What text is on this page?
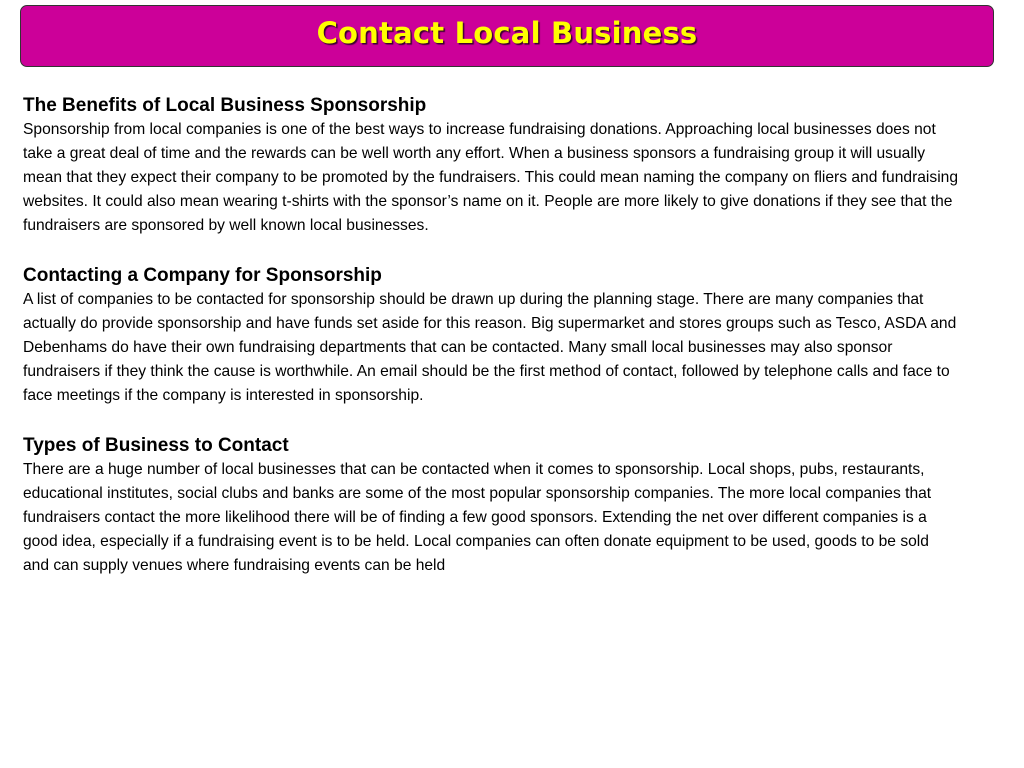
Contact Local Business

The Benefits of Local Business Sponsorship

Sponsorship from local companies is one of the best ways to increase fundraising donations. Approaching local businesses does not take a great deal of time and the rewards can be well worth any effort. When a business sponsors a fundraising group it will usually mean that they expect their company to be promoted by the fundraisers. This could mean naming the company on fliers and fundraising websites. It could also mean wearing t-shirts with the sponsor’s name on it. People are more likely to give donations if they see that the fundraisers are sponsored by well known local businesses.

Contacting a Company for Sponsorship

A list of companies to be contacted for sponsorship should be drawn up during the planning stage. There are many companies that actually do provide sponsorship and have funds set aside for this reason. Big supermarket and stores groups such as Tesco, ASDA and Debenhams do have their own fundraising departments that can be contacted. Many small local businesses may also sponsor fundraisers if they think the cause is worthwhile. An email should be the first method of contact, followed by telephone calls and face to face meetings if the company is interested in sponsorship.

Types of Business to Contact

There are a huge number of local businesses that can be contacted when it comes to sponsorship. Local shops, pubs, restaurants, educational institutes, social clubs and banks are some of the most popular sponsorship companies. The more local companies that fundraisers contact the more likelihood there will be of finding a few good sponsors. Extending the net over different companies is a good idea, especially if a fundraising event is to be held. Local companies can often donate equipment to be used, goods to be sold and can supply venues where fundraising events can be held
